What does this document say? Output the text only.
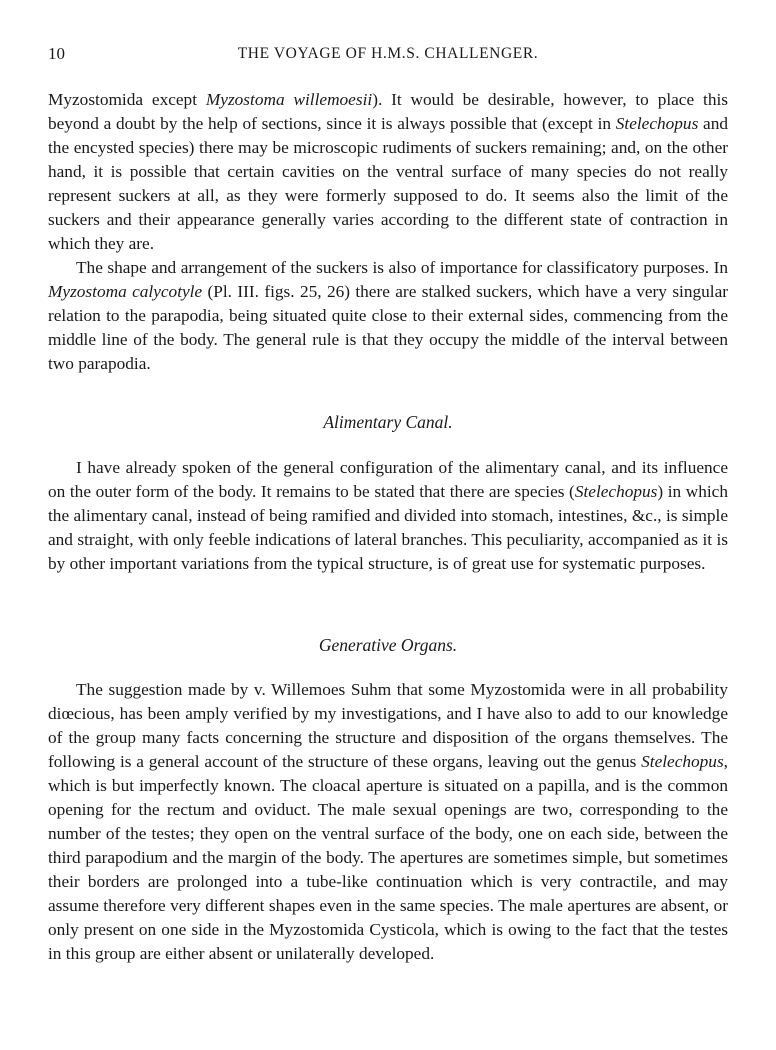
10	THE VOYAGE OF H.M.S. CHALLENGER.

Myzostomida except Myzostoma willemoesii). It would be desirable, however, to place this beyond a doubt by the help of sections, since it is always possible that (except in Stelechopus and the encysted species) there may be microscopic rudiments of suckers remaining; and, on the other hand, it is possible that certain cavities on the ventral surface of many species do not really represent suckers at all, as they were formerly supposed to do. It seems also the limit of the suckers and their appearance generally varies according to the different state of contraction in which they are.

The shape and arrangement of the suckers is also of importance for classificatory purposes. In Myzostoma calycotyle (Pl. III. figs. 25, 26) there are stalked suckers, which have a very singular relation to the parapodia, being situated quite close to their external sides, commencing from the middle line of the body. The general rule is that they occupy the middle of the interval between two parapodia.

Alimentary Canal.

I have already spoken of the general configuration of the alimentary canal, and its influence on the outer form of the body. It remains to be stated that there are species (Stelechopus) in which the alimentary canal, instead of being ramified and divided into stomach, intestines, &c., is simple and straight, with only feeble indications of lateral branches. This peculiarity, accompanied as it is by other important variations from the typical structure, is of great use for systematic purposes.

Generative Organs.

The suggestion made by v. Willemoes Suhm that some Myzostomida were in all probability diœcious, has been amply verified by my investigations, and I have also to add to our knowledge of the group many facts concerning the structure and disposition of the organs themselves. The following is a general account of the structure of these organs, leaving out the genus Stelechopus, which is but imperfectly known. The cloacal aperture is situated on a papilla, and is the common opening for the rectum and oviduct. The male sexual openings are two, corresponding to the number of the testes; they open on the ventral surface of the body, one on each side, between the third parapodium and the margin of the body. The apertures are sometimes simple, but sometimes their borders are prolonged into a tube-like continuation which is very contractile, and may assume therefore very different shapes even in the same species. The male apertures are absent, or only present on one side in the Myzostomida Cysticola, which is owing to the fact that the testes in this group are either absent or unilaterally developed.
